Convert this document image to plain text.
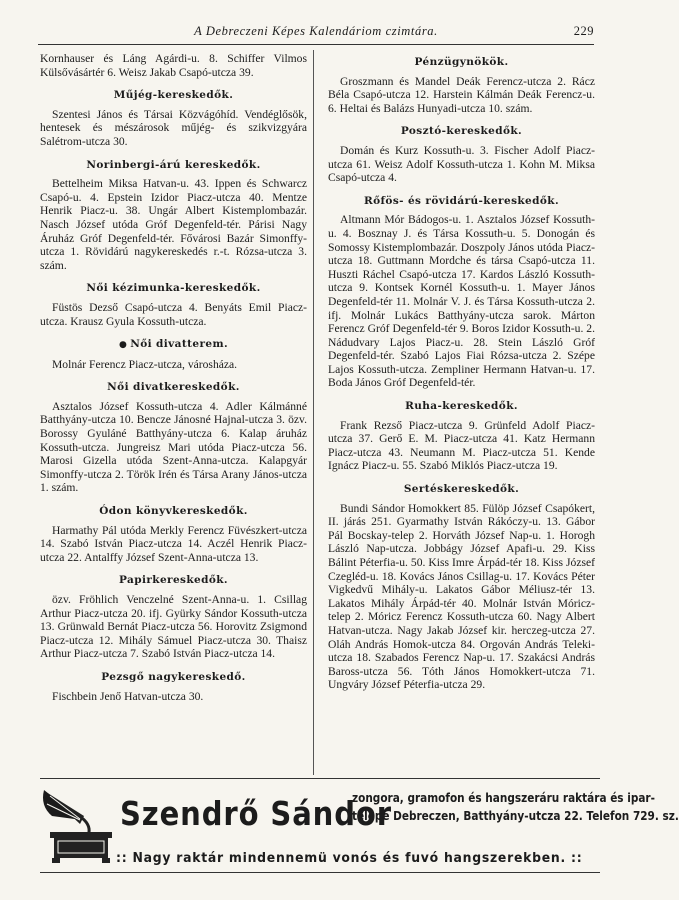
A Debreczeni Képes Kalendáriom czimtára.	229

Kornhauser és Láng Agárdi-u. 8. Schiffer Vilmos Külsővásártér 6. Weisz Jakab Csapó-utcza 39.

Műjég-kereskedők.

Szentesi János és Társai Közvágóhíd. Vendéglősök, hentesek és mészárosok műjég- és szikvizgyára Salétrom-utcza 30.

Norinbergi-árú kereskedők.

Bettelheim Miksa Hatvan-u. 43. Ippen és Schwarcz Csapó-u. 4. Epstein Izidor Piacz-utcza 40. Mentze Henrik Piacz-u. 38. Ungár Albert Kistemplombazár. Nasch József utóda Gróf Degenfeld-tér. Párisi Nagy Áruház Gróf Degenfeld-tér. Fővárosi Bazár Simonffy-utcza 1. Rövidárú nagykereskedés r.-t. Rózsa-utcza 3. szám.

Női kézimunka-kereskedők.

Füstös Dezső Csapó-utcza 4. Benyáts Emil Piacz-utcza. Krausz Gyula Kossuth-utcza.

● Női divatterem.

Molnár Ferencz Piacz-utcza, városháza.

Női divatkereskedők.

Asztalos József Kossuth-utcza 4. Adler Kálmánné Batthyány-utcza 10. Bencze Jánosné Hajnal-utcza 3. özv. Borossy Gyuláné Batthyány-utcza 6. Kalap áruház Kossuth-utcza. Jungreisz Mari utóda Piacz-utcza 56. Marosi Gizella utóda Szent-Anna-utcza. Kalapgyár Simonffy-utcza 2. Török Irén és Társa Arany János-utcza 1. szám.

Ódon könyvkereskedők.

Harmathy Pál utóda Merkly Ferencz Füvészkert-utcza 14. Szabó István Piacz-utcza 14. Aczél Henrik Piacz-utcza 22. Antalffy József Szent-Anna-utcza 13.

Papirkereskedők.

özv. Fröhlich Venczelné Szent-Anna-u. 1. Csillag Arthur Piacz-utcza 20. ifj. Gyürky Sándor Kossuth-utcza 13. Grünwald Bernát Piacz-utcza 56. Horovitz Zsigmond Piacz-utcza 12. Mihály Sámuel Piacz-utcza 30. Thaisz Arthur Piacz-utcza 7. Szabó István Piacz-utcza 14.

Pezsgő nagykereskedő.

Fischbein Jenő Hatvan-utcza 30.

Pénzügynökök.

Groszmann és Mandel Deák Ferencz-utcza 2. Rácz Béla Csapó-utcza 12. Harstein Kálmán Deák Ferencz-u. 6. Heltai és Balázs Hunyadi-utcza 10. szám.

Posztó-kereskedők.

Domán és Kurz Kossuth-u. 3. Fischer Adolf Piacz-utcza 61. Weisz Adolf Kossuth-utcza 1. Kohn M. Miksa Csapó-utcza 4.

Rőfös- és rövidárú-kereskedők.

Altmann Mór Bádogos-u. 1. Asztalos József Kossuth-u. 4. Bosznay J. és Társa Kossuth-u. 5. Donogán és Somossy Kistemplombazár. Doszpoly János utóda Piacz-utcza 18. Guttmann Mordche és társa Csapó-utcza 11. Huszti Ráchel Csapó-utcza 17. Kardos László Kossuth-utcza 9. Kontsek Kornél Kossuth-u. 1. Mayer János Degenfeld-tér 11. Molnár V. J. és Társa Kossuth-utcza 2. ifj. Molnár Lukács Batthyány-utcza sarok. Márton Ferencz Gróf Degenfeld-tér 9. Boros Izidor Kossuth-u. 2. Nádudvary Lajos Piacz-u. 28. Stein László Gróf Degenfeld-tér. Szabó Lajos Fiai Rózsa-utcza 2. Szépe Lajos Kossuth-utcza. Zempliner Hermann Hatvan-u. 17. Boda János Gróf Degenfeld-tér.

Ruha-kereskedők.

Frank Rezső Piacz-utcza 9. Grünfeld Adolf Piacz-utcza 37. Gerő E. M. Piacz-utcza 41. Katz Hermann Piacz-utcza 43. Neumann M. Piacz-utcza 51. Kende Ignácz Piacz-u. 55. Szabó Miklós Piacz-utcza 19.

Sertéskereskedők.

Bundi Sándor Homokkert 85. Fülöp József Csapókert, II. járás 251. Gyarmathy István Rákóczy-u. 13. Gábor Pál Bocskay-telep 2. Horváth József Nap-u. 1. Horogh László Nap-utcza. Jobbágy József Apafi-u. 29. Kiss Bálint Péterfia-u. 50. Kiss Imre Árpád-tér 18. Kiss József Czegléd-u. 18. Kovács János Csillag-u. 17. Kovács Péter Vigkedvű Mihály-u. Lakatos Gábor Méliusz-tér 13. Lakatos Mihály Árpád-tér 40. Molnár István Móricz-telep 2. Móricz Ferencz Kossuth-utcza 60. Nagy Albert Hatvan-utcza. Nagy Jakab József kir. herczeg-utcza 27. Oláh András Homok-utcza 84. Orgován András Teleki-utcza 18. Szabados Ferencz Nap-u. 17. Szakácsi András Baross-utcza 56. Tóth János Homokkert-utcza 71. Ungváry József Péterfia-utcza 29.

Szendrő Sándor
zongora, gramofon és hangszeráru raktára és ipar-
telepe Debreczen, Batthyány-utcza 22. Telefon 729. sz.
:: Nagy raktár mindennemü vonós és fuvó hangszerekben. ::
